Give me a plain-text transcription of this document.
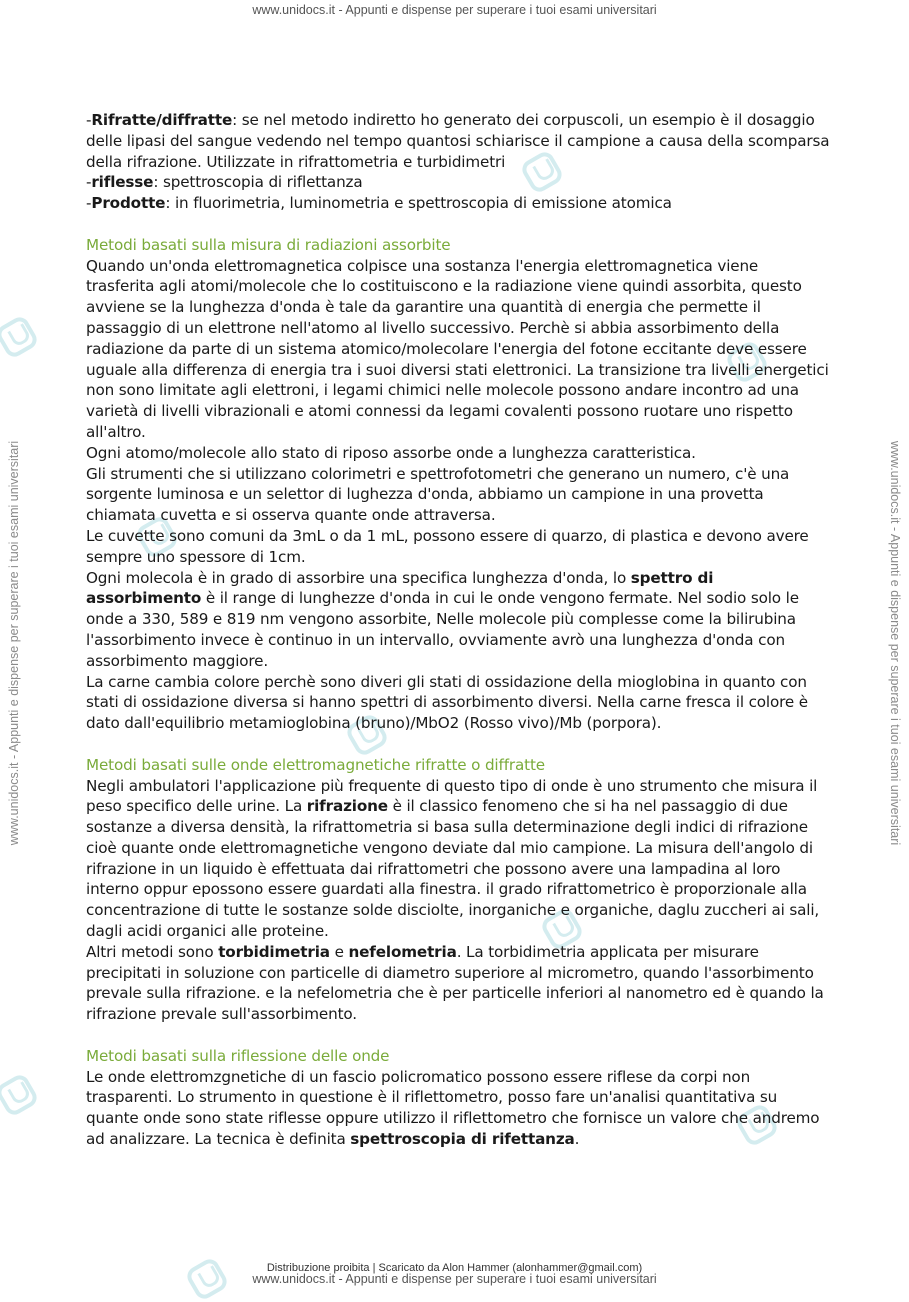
www.unidocs.it - Appunti e dispense per superare i tuoi esami universitari
www.unidocs.it - Appunti e dispense per superare i tuoi esami universitari	www.unidocs.it - Appunti e dispense per superare i tuoi esami universitari

-Rifratte/diffratte: se nel metodo indiretto ho generato dei corpuscoli, un esempio è il dosaggio delle lipasi del sangue vedendo nel tempo quantosi schiarisce il campione a causa della scomparsa della rifrazione. Utilizzate in rifrattometria e turbidimetri

-riflesse: spettroscopia di riflettanza

-Prodotte: in fluorimetria, luminometria e spettroscopia di emissione atomica

Metodi basati sulla misura di radiazioni assorbite

Quando un'onda elettromagnetica colpisce una sostanza l'energia elettromagnetica viene trasferita agli atomi/molecole che lo costituiscono e la radiazione viene quindi assorbita, questo avviene se la lunghezza d'onda è tale da garantire una quantità di energia che permette il passaggio di un elettrone nell'atomo al livello successivo. Perchè si abbia assorbimento della radiazione da parte di un sistema atomico/molecolare l'energia del fotone eccitante deve essere uguale alla differenza di energia tra i suoi diversi stati elettronici. La transizione tra livelli energetici non sono limitate agli elettroni, i legami chimici nelle molecole possono andare incontro ad una varietà di livelli vibrazionali e atomi connessi da legami covalenti possono ruotare uno rispetto all'altro.

Ogni atomo/molecole allo stato di riposo assorbe onde a lunghezza caratteristica.

Gli strumenti che si utilizzano colorimetri e spettrofotometri che generano un numero, c'è una sorgente luminosa e un selettor di lughezza d'onda, abbiamo un campione in una provetta chiamata cuvetta e si osserva quante onde attraversa.

Le cuvette sono comuni da 3mL o da 1 mL, possono essere di quarzo, di plastica e devono avere sempre uno spessore di 1cm.

Ogni molecola è in grado di assorbire una specifica lunghezza d'onda, lo spettro di assorbimento è il range di lunghezze d'onda in cui le onde vengono fermate. Nel sodio solo le onde a 330, 589 e 819 nm vengono assorbite, Nelle molecole più complesse come la bilirubina l'assorbimento invece è continuo in un intervallo, ovviamente avrò una lunghezza d'onda con assorbimento maggiore.

La carne cambia colore perchè sono diveri gli stati di ossidazione della mioglobina in quanto con stati di ossidazione diversa si hanno spettri di assorbimento diversi. Nella carne fresca il colore è dato dall'equilibrio metamioglobina (bruno)/MbO2 (Rosso vivo)/Mb (porpora).

Metodi basati sulle onde elettromagnetiche rifratte o diffratte

Negli ambulatori l'applicazione più frequente di questo tipo di onde è uno strumento che misura il peso specifico delle urine. La rifrazione è il classico fenomeno che si ha nel passaggio di due sostanze a diversa densità, la rifrattometria si basa sulla determinazione degli indici di rifrazione cioè quante onde elettromagnetiche vengono deviate dal mio campione. La misura dell'angolo di rifrazione in un liquido è effettuata dai rifrattometri che possono avere una lampadina al loro interno oppur epossono essere guardati alla finestra. il grado rifrattometrico è proporzionale alla concentrazione di tutte le sostanze solde disciolte, inorganiche e organiche, daglu zuccheri ai sali, dagli acidi organici alle proteine.

Altri metodi sono torbidimetria e nefelometria. La torbidimetria applicata per misurare precipitati in soluzione con particelle di diametro superiore al micrometro, quando l'assorbimento prevale sulla rifrazione. e la nefelometria che è per particelle inferiori al nanometro ed è quando la rifrazione prevale sull'assorbimento.

Metodi basati sulla riflessione delle onde

Le onde elettromzgnetiche di un fascio policromatico possono essere riflese da corpi non trasparenti. Lo strumento in questione è il riflettometro, posso fare un'analisi quantitativa su quante onde sono state riflesse oppure utilizzo il riflettometro che fornisce un valore che andremo ad analizzare. La tecnica è definita spettroscopia di rifettanza.

Distribuzione proibita | Scaricato da Alon Hammer (alonhammer@gmail.com)
www.unidocs.it - Appunti e dispense per superare i tuoi esami universitari
